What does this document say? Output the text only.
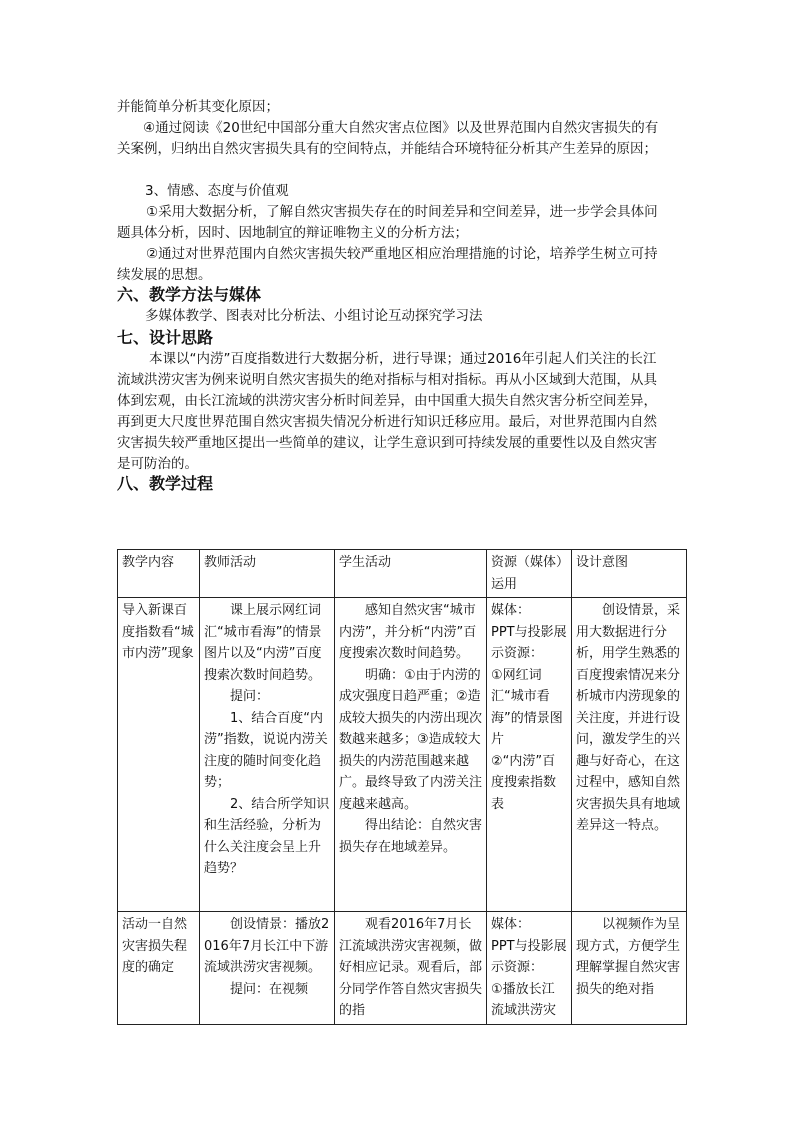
并能简单分析其变化原因；

④通过阅读《20世纪中国部分重大自然灾害点位图》以及世界范围内自然灾害损失的有关案例，归纳出自然灾害损失具有的空间特点，并能结合环境特征分析其产生差异的原因；

3、情感、态度与价值观

①采用大数据分析，了解自然灾害损失存在的时间差异和空间差异，进一步学会具体问题具体分析，因时、因地制宜的辩证唯物主义的分析方法；

②通过对世界范围内自然灾害损失较严重地区相应治理措施的讨论，培养学生树立可持续发展的思想。

六、教学方法与媒体

多媒体教学、图表对比分析法、小组讨论互动探究学习法

七、设计思路

本课以“内涝”百度指数进行大数据分析，进行导课；通过2016年引起人们关注的长江流域洪涝灾害为例来说明自然灾害损失的绝对指标与相对指标。再从小区域到大范围，从具体到宏观，由长江流域的洪涝灾害分析时间差异，由中国重大损失自然灾害分析空间差异，再到更大尺度世界范围自然灾害损失情况分析进行知识迁移应用。最后，对世界范围内自然灾害损失较严重地区提出一些简单的建议，让学生意识到可持续发展的重要性以及自然灾害是可防治的。

八、教学过程
教学内容	教师活动	学生活动	资源（媒体）运用	设计意图
导入新课百度指数看“城市内涝”现象	课上展示网红词汇“城市看海”的情景图片以及“内涝”百度搜索次数时间趋势。
提问：
1、结合百度“内涝”指数，说说内涝关注度的随时间变化趋势；
2、结合所学知识和生活经验，分析为什么关注度会呈上升趋势？	感知自然灾害“城市内涝”，并分析“内涝”百度搜索次数时间趋势。
明确：①由于内涝的成灾强度日趋严重；②造成较大损失的内涝出现次数越来越多；③造成较大损失的内涝范围越来越广。最终导致了内涝关注度越来越高。
得出结论：自然灾害损失存在地域差异。	媒体：
PPT与投影展示资源：
①网红词汇“城市看海”的情景图片
②“内涝”百度搜索指数表	创设情景，采用大数据进行分析，用学生熟悉的百度搜索情况来分析城市内涝现象的关注度，并进行设问，激发学生的兴趣与好奇心，在这过程中，感知自然灾害损失具有地域差异这一特点。

活动一自然灾害损失程度的确定	创设情景：播放2016年7月长江中下游流域洪涝灾害视频。
提问：在视频	观看2016年7月长江流域洪涝灾害视频，做好相应记录。观看后，部分同学作答自然灾害损失的指	媒体：
PPT与投影展示资源：
①播放长江流域洪涝灾	以视频作为呈现方式，方便学生理解掌握自然灾害损失的绝对指
